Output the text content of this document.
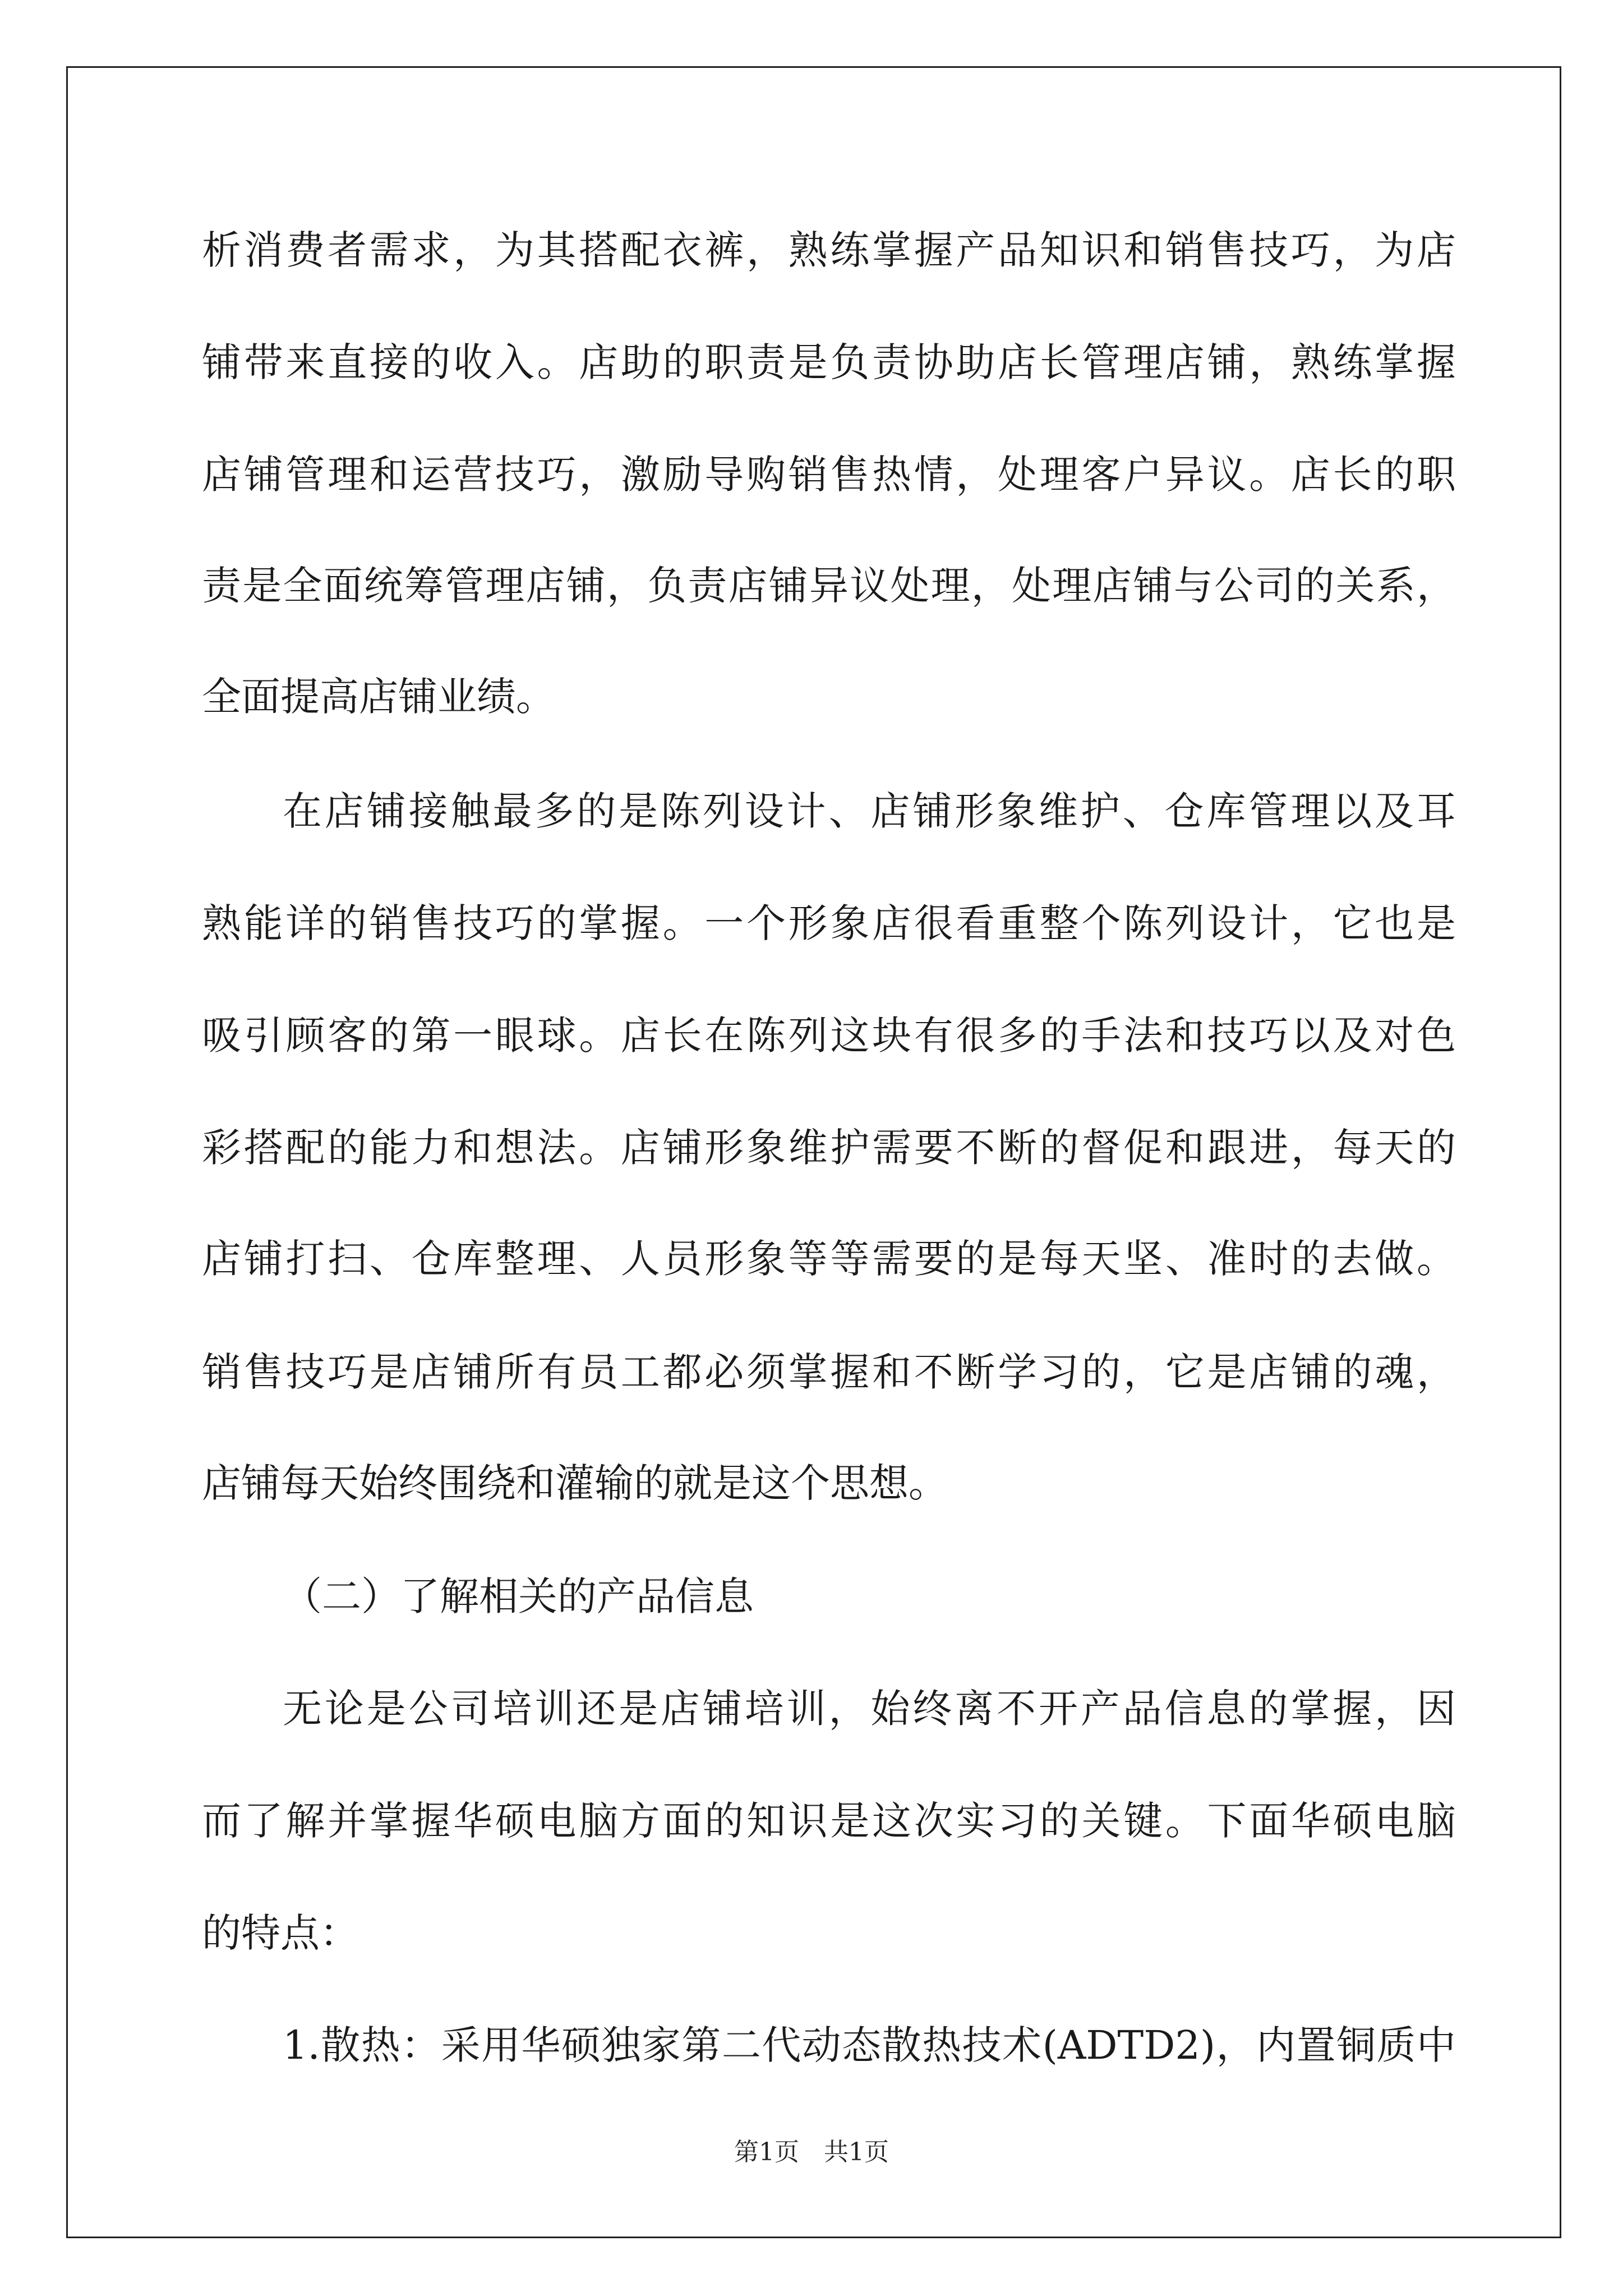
析消费者需求，为其搭配衣裤，熟练掌握产品知识和销售技巧，为店
铺带来直接的收入。店助的职责是负责协助店长管理店铺，熟练掌握
店铺管理和运营技巧，激励导购销售热情，处理客户异议。店长的职
责是全面统筹管理店铺，负责店铺异议处理，处理店铺与公司的关系，
全面提高店铺业绩。
在店铺接触最多的是陈列设计、店铺形象维护、仓库管理以及耳
熟能详的销售技巧的掌握。一个形象店很看重整个陈列设计，它也是
吸引顾客的第一眼球。店长在陈列这块有很多的手法和技巧以及对色
彩搭配的能力和想法。店铺形象维护需要不断的督促和跟进，每天的
店铺打扫、仓库整理、人员形象等等需要的是每天坚、准时的去做。
销售技巧是店铺所有员工都必须掌握和不断学习的，它是店铺的魂，
店铺每天始终围绕和灌输的就是这个思想。
（二）了解相关的产品信息
无论是公司培训还是店铺培训，始终离不开产品信息的掌握，因
而了解并掌握华硕电脑方面的知识是这次实习的关键。下面华硕电脑
的特点：
1.散热：采用华硕独家第二代动态散热技术(ADTD2)，内置铜质中
第1页　共1页
